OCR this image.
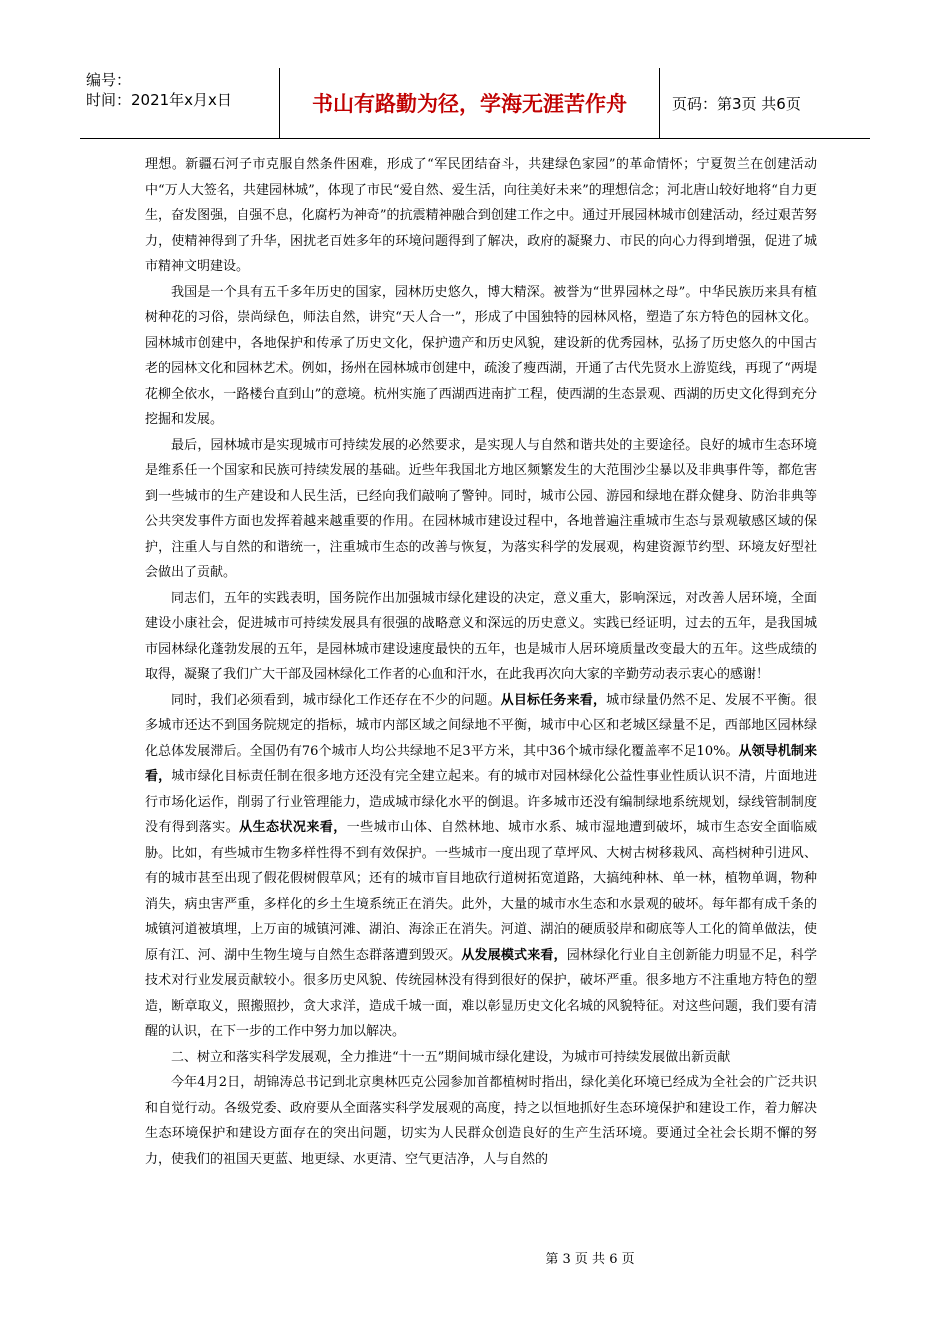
编号：
时间：2021年x月x日	书山有路勤为径，学海无涯苦作舟	页码：第3页 共6页

理想。新疆石河子市克服自然条件困难，形成了“军民团结奋斗，共建绿色家园”的革命情怀；宁夏贺兰在创建活动中“万人大签名，共建园林城”，体现了市民“爱自然、爱生活，向往美好未来”的理想信念；河北唐山较好地将“自力更生，奋发图强，自强不息，化腐朽为神奇”的抗震精神融合到创建工作之中。通过开展园林城市创建活动，经过艰苦努力，使精神得到了升华，困扰老百姓多年的环境问题得到了解决，政府的凝聚力、市民的向心力得到增强，促进了城市精神文明建设。

我国是一个具有五千多年历史的国家，园林历史悠久，博大精深。被誉为“世界园林之母”。中华民族历来具有植树种花的习俗，崇尚绿色，师法自然，讲究“天人合一”，形成了中国独特的园林风格，塑造了东方特色的园林文化。园林城市创建中，各地保护和传承了历史文化，保护遗产和历史风貌，建设新的优秀园林，弘扬了历史悠久的中国古老的园林文化和园林艺术。例如，扬州在园林城市创建中，疏浚了瘦西湖，开通了古代先贤水上游览线，再现了“两堤花柳全依水，一路楼台直到山”的意境。杭州实施了西湖西进南扩工程，使西湖的生态景观、西湖的历史文化得到充分挖掘和发展。

最后，园林城市是实现城市可持续发展的必然要求，是实现人与自然和谐共处的主要途径。良好的城市生态环境是维系任一个国家和民族可持续发展的基础。近些年我国北方地区频繁发生的大范围沙尘暴以及非典事件等，都危害到一些城市的生产建设和人民生活，已经向我们敲响了警钟。同时，城市公园、游园和绿地在群众健身、防治非典等公共突发事件方面也发挥着越来越重要的作用。在园林城市建设过程中，各地普遍注重城市生态与景观敏感区域的保护，注重人与自然的和谐统一，注重城市生态的改善与恢复，为落实科学的发展观，构建资源节约型、环境友好型社会做出了贡献。

同志们，五年的实践表明，国务院作出加强城市绿化建设的决定，意义重大，影响深远，对改善人居环境，全面建设小康社会，促进城市可持续发展具有很强的战略意义和深远的历史意义。实践已经证明，过去的五年，是我国城市园林绿化蓬勃发展的五年，是园林城市建设速度最快的五年，也是城市人居环境质量改变最大的五年。这些成绩的取得，凝聚了我们广大干部及园林绿化工作者的心血和汗水，在此我再次向大家的辛勤劳动表示衷心的感谢！

同时，我们必须看到，城市绿化工作还存在不少的问题。从目标任务来看，城市绿量仍然不足、发展不平衡。很多城市还达不到国务院规定的指标，城市内部区域之间绿地不平衡，城市中心区和老城区绿量不足，西部地区园林绿化总体发展滞后。全国仍有76个城市人均公共绿地不足3平方米，其中36个城市绿化覆盖率不足10%。从领导机制来看，城市绿化目标责任制在很多地方还没有完全建立起来。有的城市对园林绿化公益性事业性质认识不清，片面地进行市场化运作，削弱了行业管理能力，造成城市绿化水平的倒退。许多城市还没有编制绿地系统规划，绿线管制制度没有得到落实。从生态状况来看，一些城市山体、自然林地、城市水系、城市湿地遭到破坏，城市生态安全面临威胁。比如，有些城市生物多样性得不到有效保护。一些城市一度出现了草坪风、大树古树移栽风、高档树种引进风、有的城市甚至出现了假花假树假草风；还有的城市盲目地砍行道树拓宽道路，大搞纯种林、单一林，植物单调，物种消失，病虫害严重，多样化的乡土生境系统正在消失。此外，大量的城市水生态和水景观的破坏。每年都有成千条的城镇河道被填埋，上万亩的城镇河滩、湖泊、海涂正在消失。河道、湖泊的硬质驳岸和砌底等人工化的简单做法，使原有江、河、湖中生物生境与自然生态群落遭到毁灭。从发展模式来看，园林绿化行业自主创新能力明显不足，科学技术对行业发展贡献较小。很多历史风貌、传统园林没有得到很好的保护，破坏严重。很多地方不注重地方特色的塑造，断章取义，照搬照抄，贪大求洋，造成千城一面，难以彰显历史文化名城的风貌特征。对这些问题，我们要有清醒的认识，在下一步的工作中努力加以解决。

二、树立和落实科学发展观，全力推进“十一五”期间城市绿化建设，为城市可持续发展做出新贡献

今年4月2日，胡锦涛总书记到北京奥林匹克公园参加首都植树时指出，绿化美化环境已经成为全社会的广泛共识和自觉行动。各级党委、政府要从全面落实科学发展观的高度，持之以恒地抓好生态环境保护和建设工作，着力解决生态环境保护和建设方面存在的突出问题，切实为人民群众创造良好的生产生活环境。要通过全社会长期不懈的努力，使我们的祖国天更蓝、地更绿、水更清、空气更洁净，人与自然的

第 3 页 共 6 页
